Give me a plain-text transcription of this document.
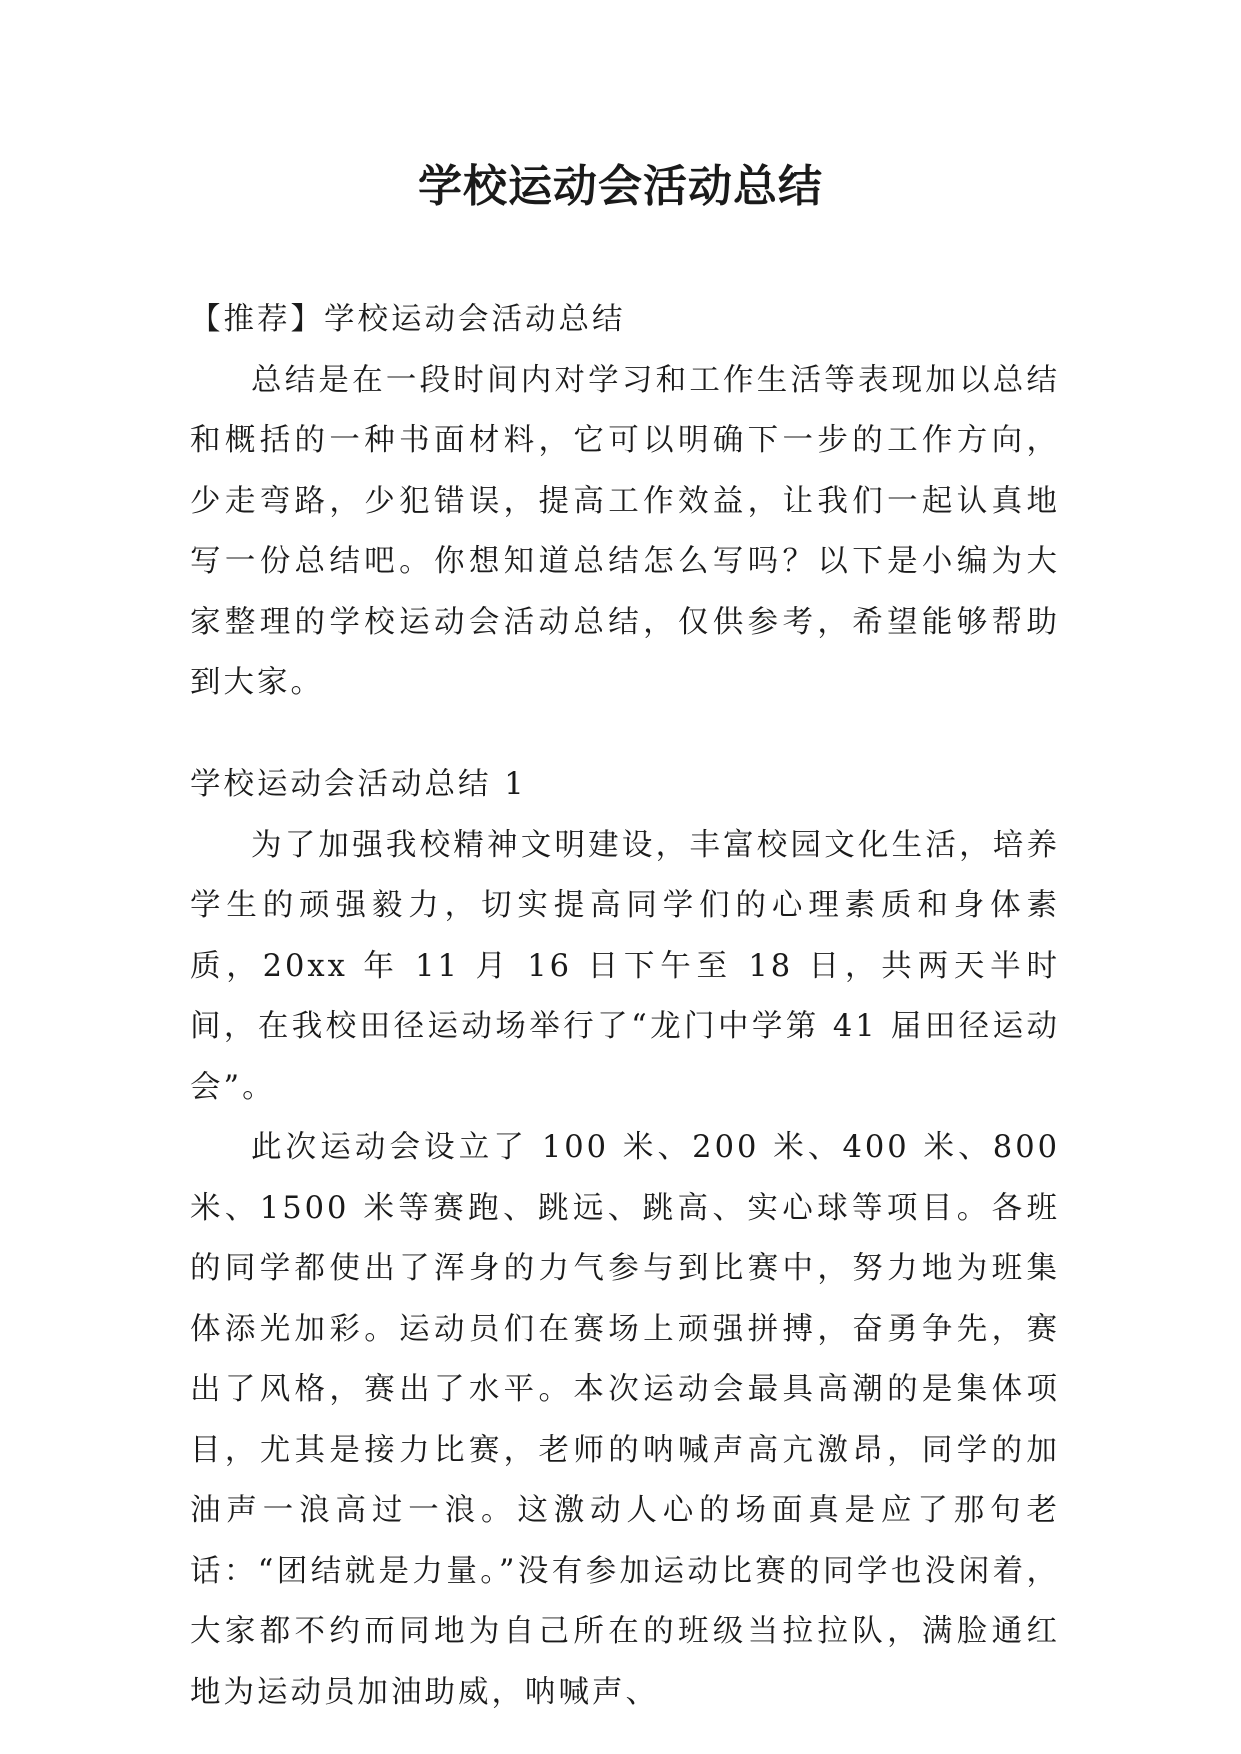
学校运动会活动总结

【推荐】学校运动会活动总结

总结是在一段时间内对学习和工作生活等表现加以总结和概括的一种书面材料，它可以明确下一步的工作方向，少走弯路，少犯错误，提高工作效益，让我们一起认真地写一份总结吧。你想知道总结怎么写吗？以下是小编为大家整理的学校运动会活动总结，仅供参考，希望能够帮助到大家。

学校运动会活动总结 1

为了加强我校精神文明建设，丰富校园文化生活，培养学生的顽强毅力，切实提高同学们的心理素质和身体素质，20xx 年 11 月 16 日下午至 18 日，共两天半时间，在我校田径运动场举行了“龙门中学第 41 届田径运动会”。

此次运动会设立了 100 米、200 米、400 米、800 米、1500 米等赛跑、跳远、跳高、实心球等项目。各班的同学都使出了浑身的力气参与到比赛中，努力地为班集体添光加彩。运动员们在赛场上顽强拼搏，奋勇争先，赛出了风格，赛出了水平。本次运动会最具高潮的是集体项目，尤其是接力比赛，老师的呐喊声高亢激昂，同学的加油声一浪高过一浪。这激动人心的场面真是应了那句老话：“团结就是力量。”没有参加运动比赛的同学也没闲着，大家都不约而同地为自己所在的班级当拉拉队，满脸通红地为运动员加油助威，呐喊声、
